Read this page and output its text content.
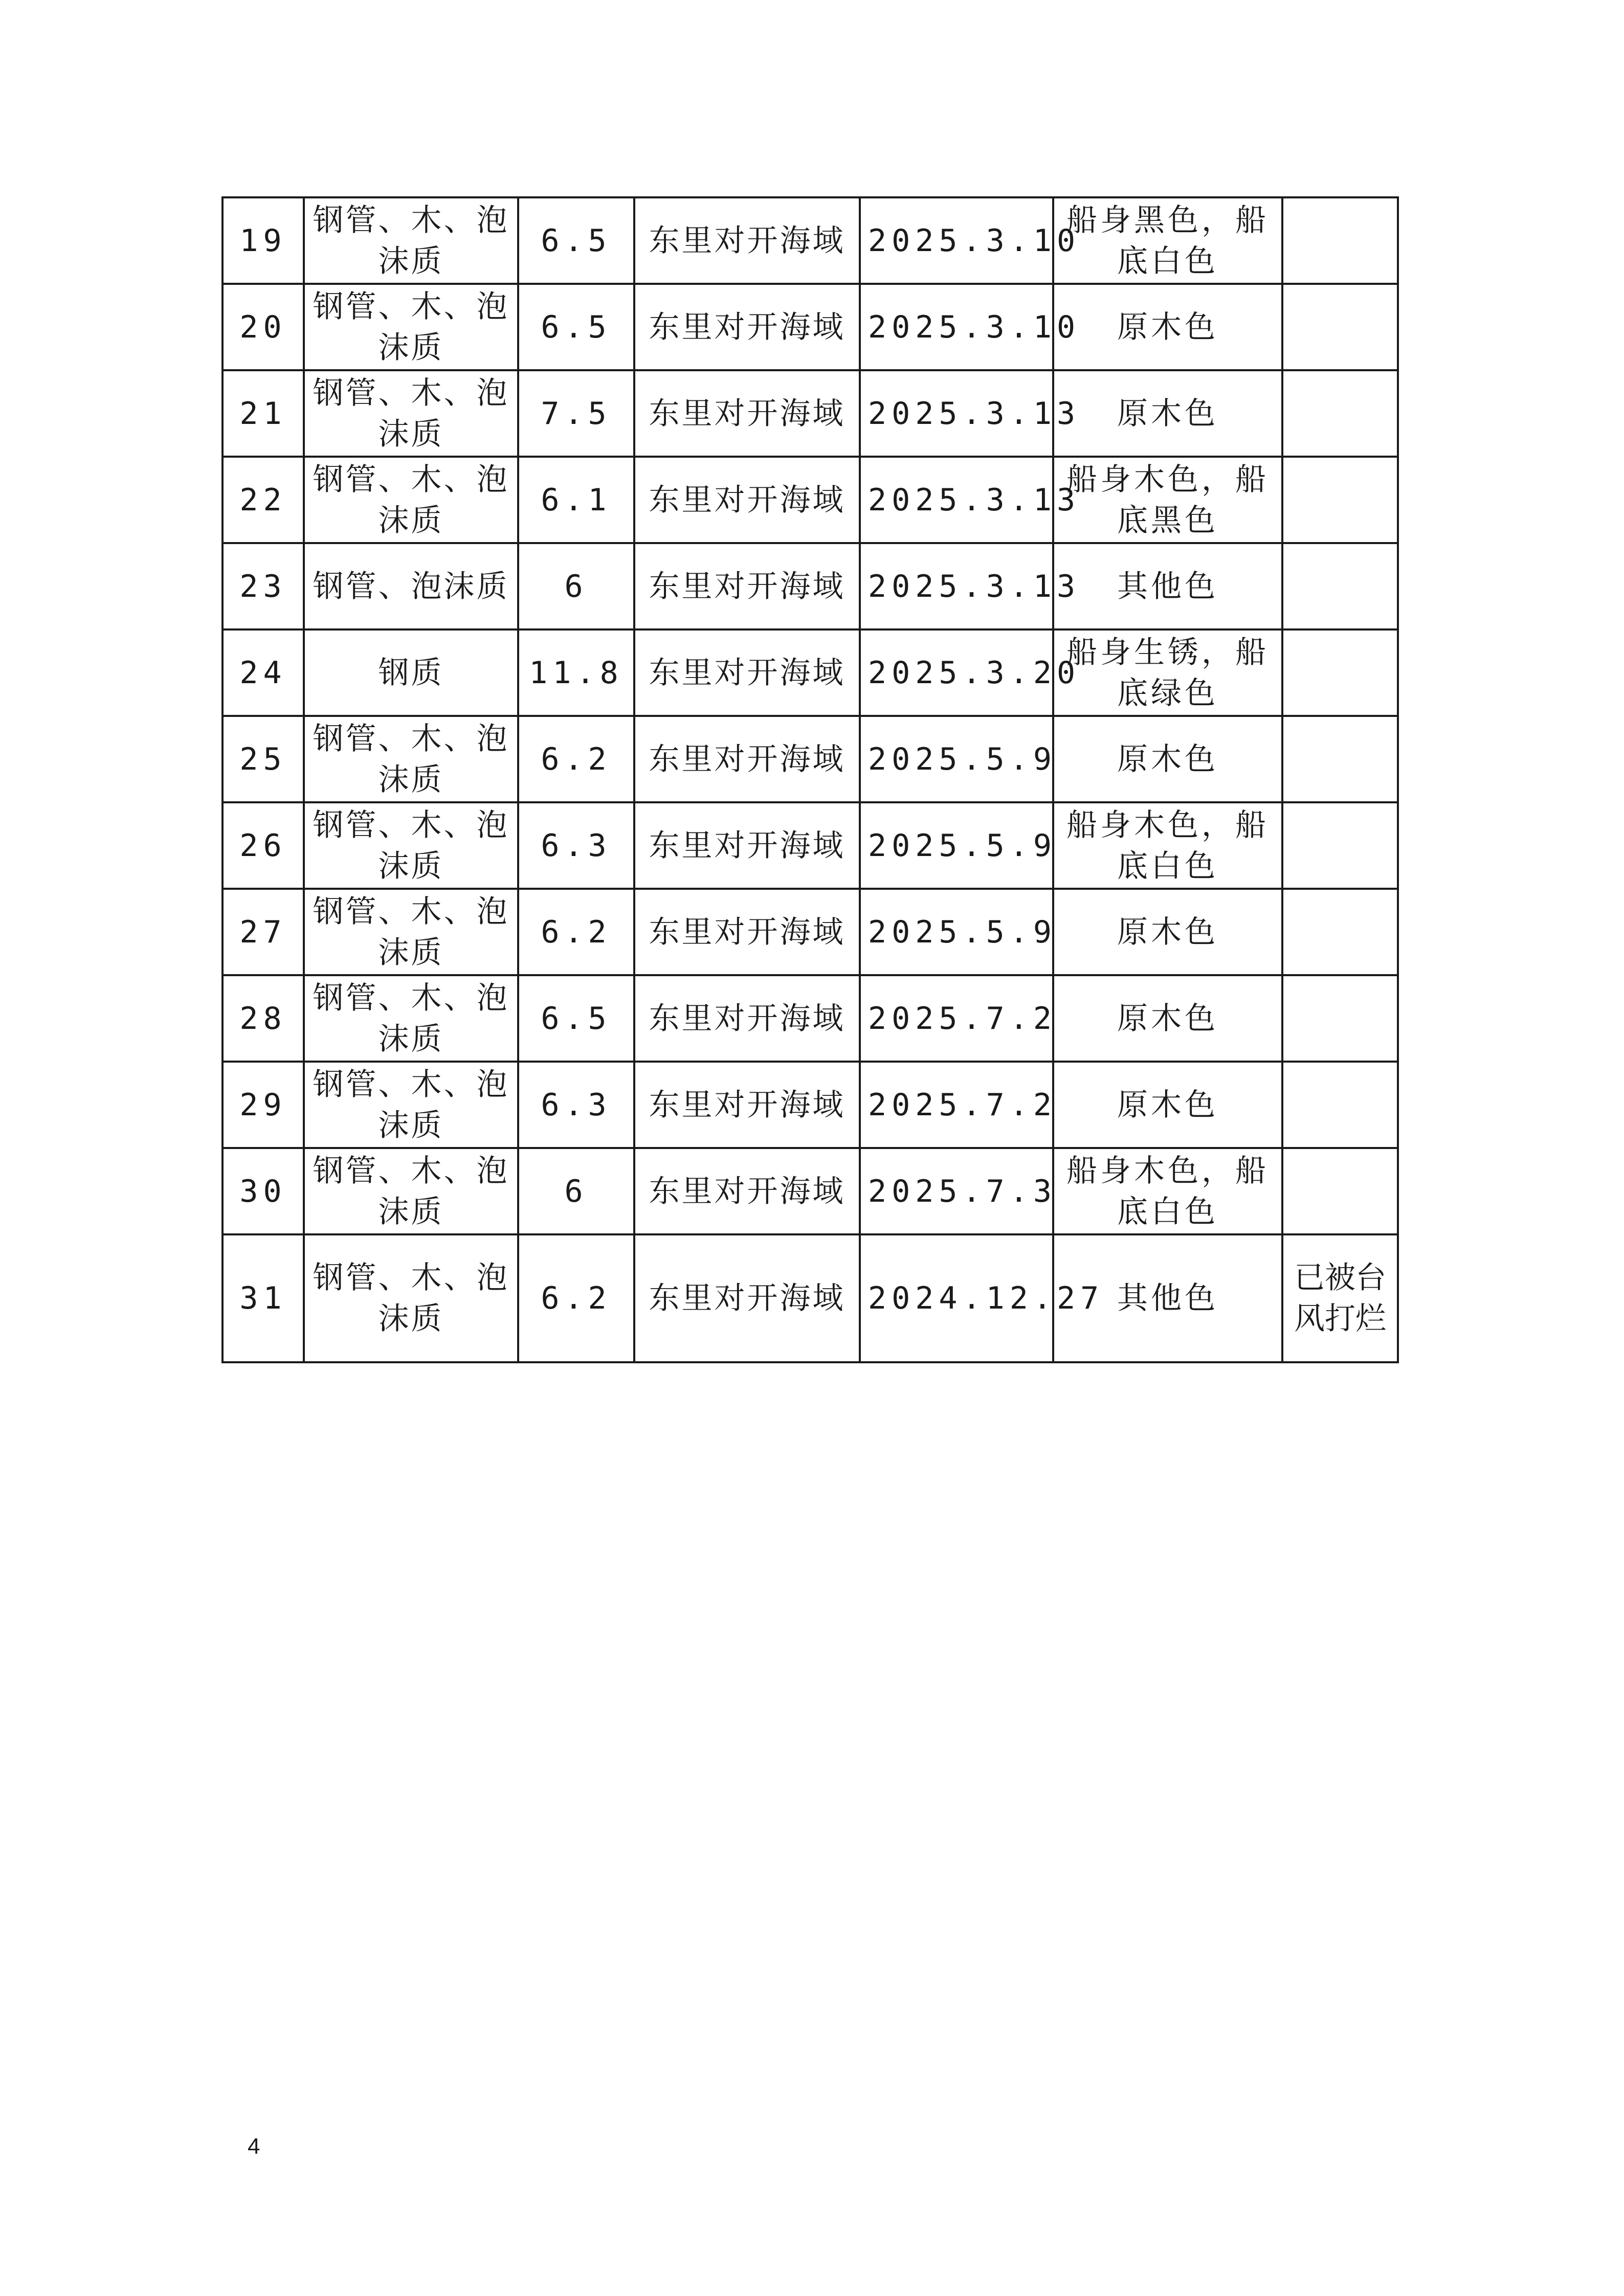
19	钢管、木、泡沫质	6.5	东里对开海域	2025.3.10	船身黑色，船底白色	
20	钢管、木、泡沫质	6.5	东里对开海域	2025.3.10	原木色	
21	钢管、木、泡沫质	7.5	东里对开海域	2025.3.13	原木色	
22	钢管、木、泡沫质	6.1	东里对开海域	2025.3.13	船身木色，船底黑色	
23	钢管、泡沫质	6	东里对开海域	2025.3.13	其他色	
24	钢质	11.8	东里对开海域	2025.3.20	船身生锈，船底绿色	
25	钢管、木、泡沫质	6.2	东里对开海域	2025.5.9	原木色	
26	钢管、木、泡沫质	6.3	东里对开海域	2025.5.9	船身木色，船底白色	
27	钢管、木、泡沫质	6.2	东里对开海域	2025.5.9	原木色	
28	钢管、木、泡沫质	6.5	东里对开海域	2025.7.2	原木色	
29	钢管、木、泡沫质	6.3	东里对开海域	2025.7.2	原木色	
30	钢管、木、泡沫质	6	东里对开海域	2025.7.3	船身木色，船底白色	
31	钢管、木、泡沫质	6.2	东里对开海域	2024.12.27	其他色	已被台风打烂
4
